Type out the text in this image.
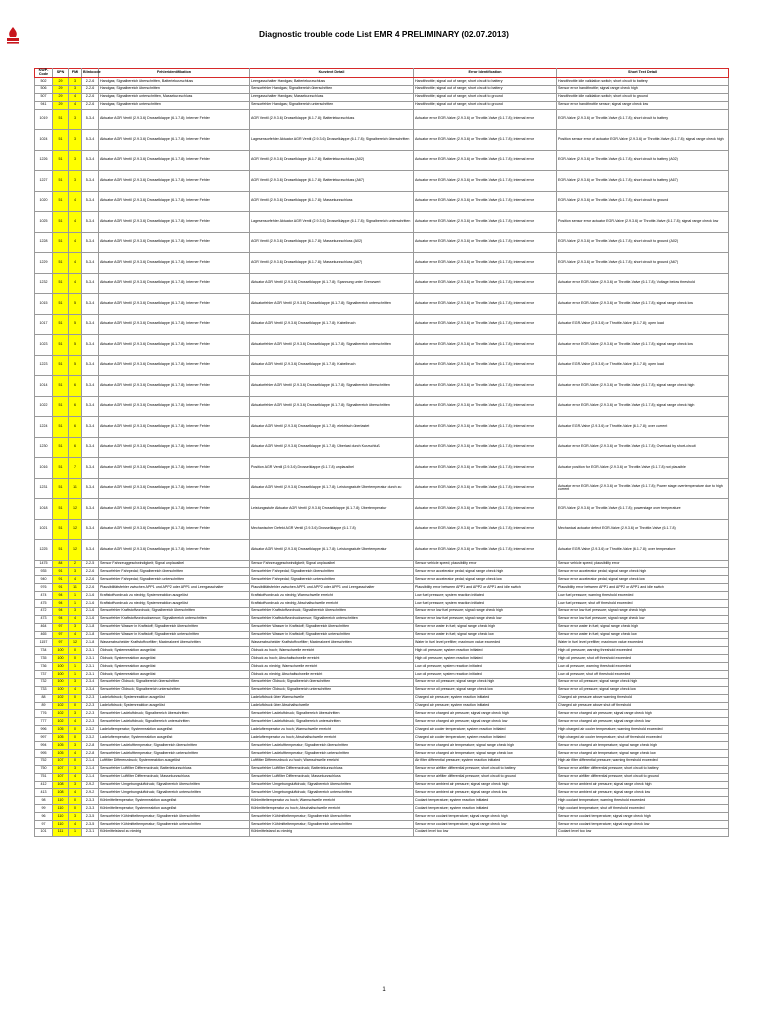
Diagnostic trouble code List EMR 4 PRELIMINARY (02.07.2013)
KWP-Code	SPN	FMI	Blinkcode	Fehleridentifikation	Kurztext Detail	Error Identification	Short Text Detail
502	29	3	2-2-6	Handgas; Signalbereich überschritten, Batteriekurzschluss	Leergasschalter Handgas; Batteriekurzschluss	Handthrottle; signal out of range; short circuit to battery	Handthrottle idle validation switch; short circuit to battery
506	29	3	2-2-6	Handgas; Signalbereich überschritten	Sensorfehler Handgas; Signalbereich überschritten	Handthrottle; signal out of range; short circuit to battery	Sensor error handthrottle; signal range check high
507	29	4	2-2-6	Handgas; Signalbereich unterschritten, Massekurzschluss	Leergasschalter Handgas; Massekurzschluss	Handthrottle; signal out of range; short circuit to ground	Handthrottle idle validation switch; short circuit to ground
941	29	4	2-2-6	Handgas; Signalbereich unterschritten	Sensorfehler Handgas; Signalbereich unterschritten	Handthrottle; signal out of range; short circuit to ground	Sensor error handthrottle sensor; signal range check low
1019	51	3	5-3-4	Aktuator AGR Ventil (2.9.3.6) Drosselklappe (6.1.7.8); Interner Fehler	AGR Ventil (2.9.3.6) Drosselklappe (6.1.7.8); Batteriekurzschluss	Actuator error EGR-Valve (2.9.3.6) or Throttle-Valve (6.1.7.8); internal error	EGR-Valve (2.9.3.6) or Throttle-Valve (6.1.7.8); short circuit to battery
1024	51	3	5-3-4	Aktuator AGR Ventil (2.9.3.6) Drosselklappe (6.1.7.8); Interner Fehler	Lagesensorfehler Aktuator AGR Ventil (2.9.3.6) Drosselklappe (6.1.7.8); Signalbereich überschritten	Actuator error EGR-Valve (2.9.3.6) or Throttle-Valve (6.1.7.8); internal error	Position sensor error of actuator EGR-Valve (2.9.3.6) or Throttle-Valve (6.1.7.8); signal range check high
1226	51	3	5-3-4	Aktuator AGR Ventil (2.9.3.6) Drosselklappe (6.1.7.8); Interner Fehler	AGR Ventil (2.9.3.6) Drosselklappe (6.1.7.8); Batteriekurzschluss (A02)	Actuator error EGR-Valve (2.9.3.6) or Throttle-Valve (6.1.7.8); internal error	EGR-Valve (2.9.3.6) or Throttle-Valve (6.1.7.8); short circuit to battery (A02)
1227	51	3	5-3-4	Aktuator AGR Ventil (2.9.3.6) Drosselklappe (6.1.7.8); Interner Fehler	AGR Ventil (2.9.3.6) Drosselklappe (6.1.7.8); Batteriekurzschluss (A67)	Actuator error EGR-Valve (2.9.3.6) or Throttle-Valve (6.1.7.8); internal error	EGR-Valve (2.9.3.6) or Throttle-Valve (6.1.7.8); short circuit to battery (A67)
1020	51	4	5-3-4	Aktuator AGR Ventil (2.9.3.6) Drosselklappe (6.1.7.8); Interner Fehler	AGR Ventil (2.9.3.6) Drosselklappe (6.1.7.8); Massekurzschluss	Actuator error EGR-Valve (2.9.3.6) or Throttle-Valve (6.1.7.8); internal error	EGR-Valve (2.9.3.6) or Throttle-Valve (6.1.7.8); short circuit to ground
1025	51	4	5-3-4	Aktuator AGR Ventil (2.9.3.6) Drosselklappe (6.1.7.8); Interner Fehler	Lagesensorfehler Aktuator AGR Ventil (2.9.3.6) Drosselklappe (6.1.7.8); Signalbereich unterschritten	Actuator error EGR-Valve (2.9.3.6) or Throttle-Valve (6.1.7.8); internal error	Position sensor error actuator EGR-Valve (2.9.3.6) or Throttle-Valve (6.1.7.8); signal range check low
1228	51	4	5-3-4	Aktuator AGR Ventil (2.9.3.6) Drosselklappe (6.1.7.8); Interner Fehler	AGR Ventil (2.9.3.6) Drosselklappe (6.1.7.8); Massekurzschluss (A02)	Actuator error EGR-Valve (2.9.3.6) or Throttle-Valve (6.1.7.8); internal error	EGR-Valve (2.9.3.6) or Throttle-Valve (6.1.7.8); short circuit to ground (A02)
1229	51	4	5-3-4	Aktuator AGR Ventil (2.9.3.6) Drosselklappe (6.1.7.8); Interner Fehler	AGR Ventil (2.9.3.6) Drosselklappe (6.1.7.8); Massekurzschluss (A67)	Actuator error EGR-Valve (2.9.3.6) or Throttle-Valve (6.1.7.8); internal error	EGR-Valve (2.9.3.6) or Throttle-Valve (6.1.7.8); short circuit to ground (A67)
1232	51	4	5-3-4	Aktuator AGR Ventil (2.9.3.6) Drosselklappe (6.1.7.8); Interner Fehler	Aktuator AGR Ventil (2.9.3.6) Drosselklappe (6.1.7.8); Spannung unter Grenzwert	Actuator error EGR-Valve (2.9.3.6) or Throttle-Valve (6.1.7.8); internal error	Actuator error EGR-Valve (2.9.3.6) or Throttle-Valve (6.1.7.8); Voltage below threshold
1015	51	5	5-3-4	Aktuator AGR Ventil (2.9.3.6) Drosselklappe (6.1.7.8); Interner Fehler	Aktuatorfehler AGR Ventil (2.9.3.6) Drosselklappe (6.1.7.8); Signalbereich unterschritten	Actuator error EGR-Valve (2.9.3.6) or Throttle-Valve (6.1.7.8); internal error	Actuator error EGR-Valve (2.9.3.6) or Throttle-Valve (6.1.7.8); signal range check low
1017	51	5	5-3-4	Aktuator AGR Ventil (2.9.3.6) Drosselklappe (6.1.7.8); Interner Fehler	Aktuator AGR Ventil (2.9.3.6) Drosselklappe (6.1.7.8); Kabelbruch	Actuator error EGR-Valve (2.9.3.6) or Throttle-Valve (6.1.7.8); internal error	Actuator EGR-Valve (2.9.3.6) or Throttle-Valve (6.1.7.8); open load
1023	51	5	5-3-4	Aktuator AGR Ventil (2.9.3.6) Drosselklappe (6.1.7.8); Interner Fehler	Aktuatorfehler AGR Ventil (2.9.3.6) Drosselklappe (6.1.7.8); Signalbereich unterschritten	Actuator error EGR-Valve (2.9.3.6) or Throttle-Valve (6.1.7.8); internal error	Actuator error EGR-Valve (2.9.3.6) or Throttle-Valve (6.1.7.8); signal range check low
1223	51	5	5-3-4	Aktuator AGR Ventil (2.9.3.6) Drosselklappe (6.1.7.8); Interner Fehler	Aktuator AGR Ventil (2.9.3.6) Drosselklappe (6.1.7.8); Kabelbruch	Actuator error EGR-Valve (2.9.3.6) or Throttle-Valve (6.1.7.8); internal error	Actuator EGR-Valve (2.9.3.6) or Throttle-Valve (6.1.7.8); open load
1014	51	6	5-3-4	Aktuator AGR Ventil (2.9.3.6) Drosselklappe (6.1.7.8); Interner Fehler	Aktuatorfehler AGR Ventil (2.9.3.6) Drosselklappe (6.1.7.8); Signalbereich überschritten	Actuator error EGR-Valve (2.9.3.6) or Throttle-Valve (6.1.7.8); internal error	Actuator error EGR-Valve (2.9.3.6) or Throttle-Valve (6.1.7.8); signal range check high
1022	51	6	5-3-4	Aktuator AGR Ventil (2.9.3.6) Drosselklappe (6.1.7.8); Interner Fehler	Aktuatorfehler AGR Ventil (2.9.3.6) Drosselklappe (6.1.7.8); Signalbereich überschritten	Actuator error EGR-Valve (2.9.3.6) or Throttle-Valve (6.1.7.8); internal error	Actuator error EGR-Valve (2.9.3.6) or Throttle-Valve (6.1.7.8); signal range check high
1224	51	6	5-3-4	Aktuator AGR Ventil (2.9.3.6) Drosselklappe (6.1.7.8); Interner Fehler	Aktuator AGR Ventil (2.9.3.6) Drosselklappe (6.1.7.8); elektrisch überlastet	Actuator error EGR-Valve (2.9.3.6) or Throttle-Valve (6.1.7.8); internal error	Actuator EGR-Valve (2.9.3.6) or Throttle-Valve (6.1.7.8); over current
1230	51	6	5-3-4	Aktuator AGR Ventil (2.9.3.6) Drosselklappe (6.1.7.8); Interner Fehler	Aktuator AGR Ventil (2.9.3.6) Drosselklappe (6.1.7.8); Überlast durch Kurzschluß	Actuator error EGR-Valve (2.9.3.6) or Throttle-Valve (6.1.7.8); internal error	Actuator error EGR-Valve (2.9.3.6) or Throttle-Valve (6.1.7.8); Overload by short-circuit
1016	51	7	5-3-4	Aktuator AGR Ventil (2.9.3.6) Drosselklappe (6.1.7.8); Interner Fehler	Position AGR Ventil (2.9.3.6) Drosselklappe (6.1.7.8) unplausibel	Actuator error EGR-Valve (2.9.3.6) or Throttle-Valve (6.1.7.8); internal error	Actuator position for EGR-Valve (2.9.3.6) or Throttle-Valve (6.1.7.8) not plausible
1231	51	11	5-3-4	Aktuator AGR Ventil (2.9.3.6) Drosselklappe (6.1.7.8); Interner Fehler	Aktuator AGR Ventil (2.9.3.6) Drosselklappe (6.1.7.8); Leistungsstufe Übertemperatur durch zu	Actuator error EGR-Valve (2.9.3.6) or Throttle-Valve (6.1.7.8); internal error	Actuator error EGR-Valve (2.9.3.6) or Throttle-Valve (6.1.7.8); Power stage overtemperature due to high current
1018	51	12	5-3-4	Aktuator AGR Ventil (2.9.3.6) Drosselklappe (6.1.7.8); Interner Fehler	Leistungsstufe Aktuator AGR Ventil (2.9.3.6) Drosselklappe (6.1.7.8); Übertemperatur	Actuator error EGR-Valve (2.9.3.6) or Throttle-Valve (6.1.7.8); internal error	EGR-Valve (2.9.3.6) or Throttle-Valve (6.1.7.8); powerstage over temperature
1021	51	12	5-3-4	Aktuator AGR Ventil (2.9.3.6) Drosselklappe (6.1.7.8); Interner Fehler	Mechanischer Defekt AGR Ventil (2.9.3.6) Drosselklappe (6.1.7.8)	Actuator error EGR-Valve (2.9.3.6) or Throttle-Valve (6.1.7.8); internal error	Mechanical actuator defect EGR-Valve (2.9.3.6) or Throttle-Valve (6.1.7.8)
1225	51	12	5-3-4	Aktuator AGR Ventil (2.9.3.6) Drosselklappe (6.1.7.8); Interner Fehler	Aktuator AGR Ventil (2.9.3.6) Drosselklappe (6.1.7.8); Leistungsstufe Übertemperatur	Actuator error EGR-Valve (2.9.3.6) or Throttle-Valve (6.1.7.8); internal error	Actuator EGR-Valve (2.9.3.6) or Throttle-Valve (6.1.7.8); over temperature
1475	84	2	2-2-5	Sensor Fahrzeuggeschwindigkeit; Signal unplausibel	Sensor Fahrzeuggeschwindigkeit; Signal unplausibel	Sensor vehicle speed; plausibility error	Sensor vehicle speed; plausibility error
935	91	3	2-2-6	Sensorfehler Fahrpedal; Signalbereich überschritten	Sensorfehler Fahrpedal; Signalbereich überschritten	Sensor error accelerator pedal; signal range check high	Sensor error accelerator pedal; signal range check high
940	91	4	2-2-6	Sensorfehler Fahrpedal; Signalbereich unterschritten	Sensorfehler Fahrpedal; Signalbereich unterschritten	Sensor error accelerator pedal; signal range check low	Sensor error accelerator pedal; signal range check low
976	91	11	2-2-6	Plausibilitätsfehler zwischen APP1 und APP2 oder APP1 und Leergasschalter	Plausibilitätsfehler zwischen APP1 und APP2 oder APP1 und Leergasschalter	Plausibility error between APP1 and APP2 or APP1 and idle switch	Plausibility error between APP1 and APP2 or APP1 and idle switch
474	94	1	2-1-6	Kraftstoffvordruck zu niedrig; Systemreaktion ausgelöst	Kraftstoffvordruck zu niedrig; Warnschwelle erreicht	Low fuel pressure; system reaction initiated	Low fuel pressure; warning threshold exceeded
475	94	1	2-1-6	Kraftstoffvordruck zu niedrig; Systemreaktion ausgelöst	Kraftstoffvordruck zu niedrig; Abschaltschwelle erreicht	Low fuel pressure; system reaction initiated	Low fuel pressure; shut off threshold exceeded
472	94	3	2-1-6	Sensorfehler Kraftstoffvordruck; Signalbereich überschritten	Sensorfehler Kraftstoffvordruck; Signalbereich überschritten	Sensor error low fuel pressure; signal range check high	Sensor error low fuel pressure; signal range check high
473	94	4	2-1-6	Sensorfehler Kraftstoffvordrucksensor; Signalbereich unterschritten	Sensorfehler Kraftstoffvordrucksensor; Signalbereich unterschritten	Sensor error low fuel pressure; signal range check low	Sensor error low fuel pressure; signal range check low
464	97	3	2-1-8	Sensorfehler Wasser in Kraftstoff; Signalbereich überschritten	Sensorfehler Wasser in Kraftstoff; Signalbereich überschritten	Sensor error water in fuel; signal range check high	Sensor error water in fuel; signal range check high
465	97	4	2-1-8	Sensorfehler Wasser in Kraftstoff; Signalbereich unterschritten	Sensorfehler Wasser in Kraftstoff; Signalbereich unterschritten	Sensor error water in fuel; signal range check low	Sensor error water in fuel; signal range check low
1157	97	12	2-1-8	Wasserabscheider Kraftstoffvorfilter; Maximalwert überschritten	Wasserabscheider Kraftstoffvorfilter; Maximalwert überschritten	Water in fuel level prefilter; maximum value exceeded	Water in fuel level prefilter; maximum value exceeded
734	100	0	2-3-1	Öldruck; Systemreaktion ausgelöst	Öldruck zu hoch; Warnschwelle erreicht	High oil pressure; system reaction initiated	High oil pressure; warning threshold exceeded
735	100	0	2-3-1	Öldruck; Systemreaktion ausgelöst	Öldruck zu hoch; Abschaltschwelle erreicht	High oil pressure; system reaction initiated	High oil pressure; shut off threshold exceeded
736	100	1	2-3-1	Öldruck; Systemreaktion ausgelöst	Öldruck zu niedrig; Warnschwelle erreicht	Low oil pressure; system reaction initiated	Low oil pressure; warning threshold exceeded
737	100	1	2-3-1	Öldruck; Systemreaktion ausgelöst	Öldruck zu niedrig; Abschaltschwelle erreicht	Low oil pressure; system reaction initiated	Low oil pressure; shut off threshold exceeded
732	100	3	2-3-4	Sensorfehler Öldruck; Signalbereich überschritten	Sensorfehler Öldruck; Signalbereich überschritten	Sensor error oil pressure; signal range check high	Sensor error oil pressure; signal range check high
733	100	4	2-3-4	Sensorfehler Öldruck; Signalbereich unterschritten	Sensorfehler Öldruck; Signalbereich unterschritten	Sensor error oil pressure; signal range check low	Sensor error oil pressure; signal range check low
88	102	0	2-2-3	Ladeluftdruck; Systemreaktion ausgelöst	Ladeluftdruck über Warnschwelle	Charged air pressure; system reaction initiated	Charged air pressure above warning threshold
89	102	0	2-2-3	Ladeluftdruck; Systemreaktion ausgelöst	Ladeluftdruck über Abschaltschwelle	Charged air pressure; system reaction initiated	Charged air pressure above shut off threshold
776	102	3	2-2-3	Sensorfehler Ladeluftdruck; Signalbereich überschritten	Sensorfehler Ladeluftdruck; Signalbereich überschritten	Sensor error charged air pressure; signal range check high	Sensor error charged air pressure; signal range check high
777	102	4	2-2-3	Sensorfehler Ladeluftdruck; Signalbereich unterschritten	Sensorfehler Ladeluftdruck; Signalbereich unterschritten	Sensor error charged air pressure; signal range check low	Sensor error charged air pressure; signal range check low
996	105	0	2-3-2	Ladeluftemperatur; Systemreaktion ausgelöst	Ladeluftemperatur zu hoch; Warnschwelle erreicht	Charged air cooler temperature; system reaction initiated	High charged air cooler temperature; warning threshold exceeded
997	105	0	2-3-2	Ladeluftemperatur; Systemreaktion ausgelöst	Ladeluftemperatur zu hoch; Abschaltschwelle erreicht	Charged air cooler temperature; system reaction initiated	High charged air cooler temperature; shut off threshold exceeded
994	105	3	2-2-8	Sensorfehler Ladelufttemperatur; Signalbereich überschritten	Sensorfehler Ladelufttemperatur; Signalbereich überschritten	Sensor error charged air temperature; signal range check high	Sensor error charged air temperature; signal range check high
995	105	4	2-2-8	Sensorfehler Ladelufttemperatur; Signalbereich unterschritten	Sensorfehler Ladelufttemperatur; Signalbereich unterschritten	Sensor error charged air temperature; signal range check low	Sensor error charged air temperature; signal range check low
752	107	0	2-1-4	Luftfilter Differenzdruck; Systemreaktion ausgelöst	Luftfilter Differenzdruck zu hoch; Warnschwelle erreicht	Air filter differential pressure; system reaction initiated	High air filter differential pressure; warning threshold exceeded
750	107	3	2-1-4	Sensorfehler Luftfilter Differenzdruck; Batteriekurzschluss	Sensorfehler Luftfilter Differenzdruck; Batteriekurzschluss	Sensor error airfilter differential pressure; short circuit to battery	Sensor error airfilter differential pressure; short circuit to battery
751	107	4	2-1-4	Sensorfehler Luftfilter Differenzdruck; Massekurzschluss	Sensorfehler Luftfilter Differenzdruck; Massekurzschluss	Sensor error airfilter differential pressure; short circuit to ground	Sensor error airfilter differential pressure; short circuit to ground
412	108	3	2-9-2	Sensorfehler Umgebungsluftdruck; Signalbereich überschritten	Sensorfehler Umgebungsluftdruck; Signalbereich überschritten	Sensor error ambient air pressure; signal range check high	Sensor error ambient air pressure; signal range check high
413	108	4	2-9-2	Sensorfehler Umgebungsluftdruck; Signalbereich unterschritten	Sensorfehler Umgebungsluftdruck; Signalbereich unterschritten	Sensor error ambient air pressure; signal range check low	Sensor error ambient air pressure; signal range check low
98	110	0	2-3-3	Kühlmitteltemperatur; Systemreaktion ausgelöst	Kühlmitteltemperatur zu hoch; Warnschwelle erreicht	Coolant temperature; system reaction initiated	High coolant temperature; warning threshold exceeded
99	110	0	2-3-3	Kühlmitteltemperatur; Systemreaktion ausgelöst	Kühlmitteltemperatur zu hoch; Abschaltschwelle erreicht	Coolant temperature; system reaction initiated	High coolant temperature; shut off threshold exceeded
96	110	3	2-3-5	Sensorfehler Kühlmitteltemperatur; Signalbereich überschritten	Sensorfehler Kühlmitteltemperatur; Signalbereich überschritten	Sensor error coolant temperature; signal range check high	Sensor error coolant temperature; signal range check high
97	110	4	2-3-5	Sensorfehler Kühlmitteltemperatur; Signalbereich unterschritten	Sensorfehler Kühlmitteltemperatur; Signalbereich unterschritten	Sensor error coolant temperature; signal range check low	Sensor error coolant temperature; signal range check low
101	111	1	2-3-1	Kühlmittelstand zu niedrig	Kühlmittelstand zu niedrig	Coolant level too low	Coolant level too low
1
